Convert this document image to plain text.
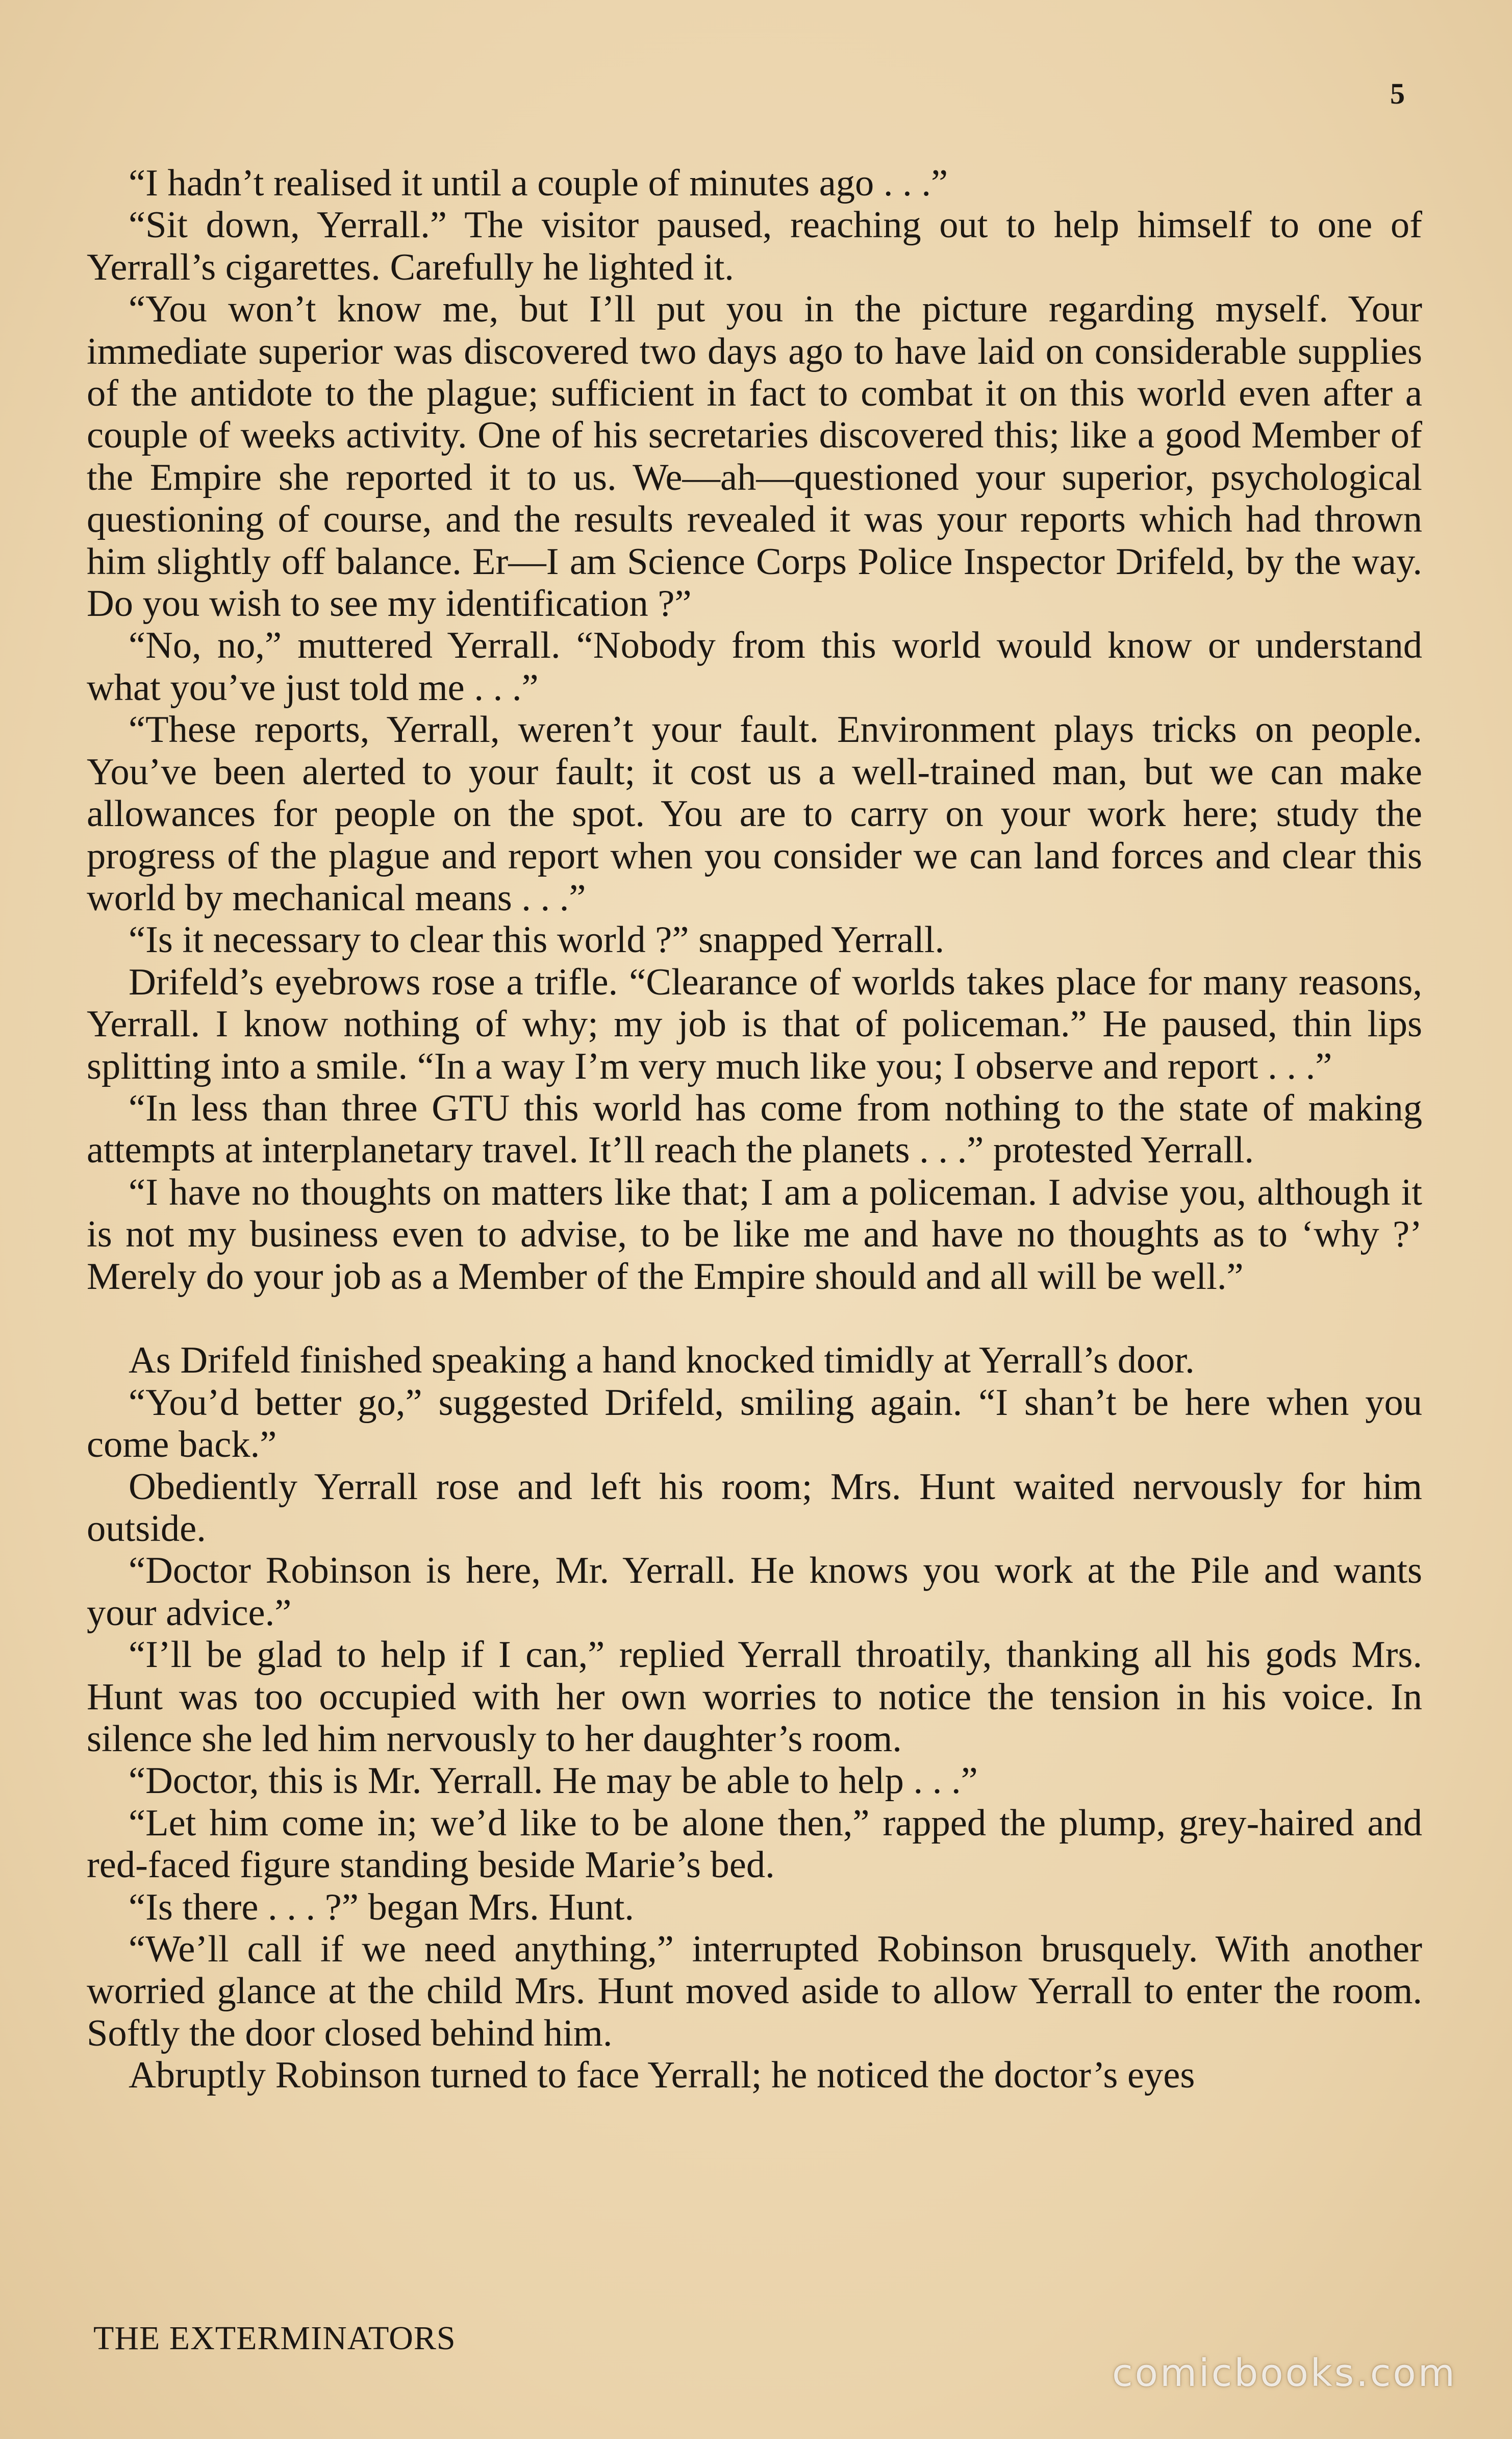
5

“I hadn’t realised it until a couple of minutes ago . . .”

“Sit down, Yerrall.” The visitor paused, reaching out to help himself to one of Yerrall’s cigarettes. Carefully he lighted it.

“You won’t know me, but I’ll put you in the picture regarding myself. Your immediate superior was discovered two days ago to have laid on considerable supplies of the antidote to the plague; sufficient in fact to combat it on this world even after a couple of weeks activity. One of his secretaries discovered this; like a good Member of the Empire she reported it to us. We—ah—questioned your superior, psychological questioning of course, and the results revealed it was your reports which had thrown him slightly off balance. Er—I am Science Corps Police Inspector Drifeld, by the way. Do you wish to see my identification ?”

“No, no,” muttered Yerrall. “Nobody from this world would know or understand what you’ve just told me . . .”

“These reports, Yerrall, weren’t your fault. Environment plays tricks on people. You’ve been alerted to your fault; it cost us a well-trained man, but we can make allowances for people on the spot. You are to carry on your work here; study the progress of the plague and report when you consider we can land forces and clear this world by mechanical means . . .”

“Is it necessary to clear this world ?” snapped Yerrall.

Drifeld’s eyebrows rose a trifle. “Clearance of worlds takes place for many reasons, Yerrall. I know nothing of why; my job is that of policeman.” He paused, thin lips splitting into a smile. “In a way I’m very much like you; I observe and report . . .”

“In less than three GTU this world has come from nothing to the state of making attempts at interplanetary travel. It’ll reach the planets . . .” protested Yerrall.

“I have no thoughts on matters like that; I am a policeman. I advise you, although it is not my business even to advise, to be like me and have no thoughts as to ‘why ?’ Merely do your job as a Member of the Empire should and all will be well.”

As Drifeld finished speaking a hand knocked timidly at Yerrall’s door.

“You’d better go,” suggested Drifeld, smiling again. “I shan’t be here when you come back.”

Obediently Yerrall rose and left his room; Mrs. Hunt waited nervously for him outside.

“Doctor Robinson is here, Mr. Yerrall. He knows you work at the Pile and wants your advice.”

“I’ll be glad to help if I can,” replied Yerrall throatily, thanking all his gods Mrs. Hunt was too occupied with her own worries to notice the tension in his voice. In silence she led him nervously to her daughter’s room.

“Doctor, this is Mr. Yerrall. He may be able to help . . .”

“Let him come in; we’d like to be alone then,” rapped the plump, grey-haired and red-faced figure standing beside Marie’s bed.

“Is there . . . ?” began Mrs. Hunt.

“We’ll call if we need anything,” interrupted Robinson brusquely. With another worried glance at the child Mrs. Hunt moved aside to allow Yerrall to enter the room. Softly the door closed behind him.

Abruptly Robinson turned to face Yerrall; he noticed the doctor’s eyes

THE EXTERMINATORS
comicbooks.com
